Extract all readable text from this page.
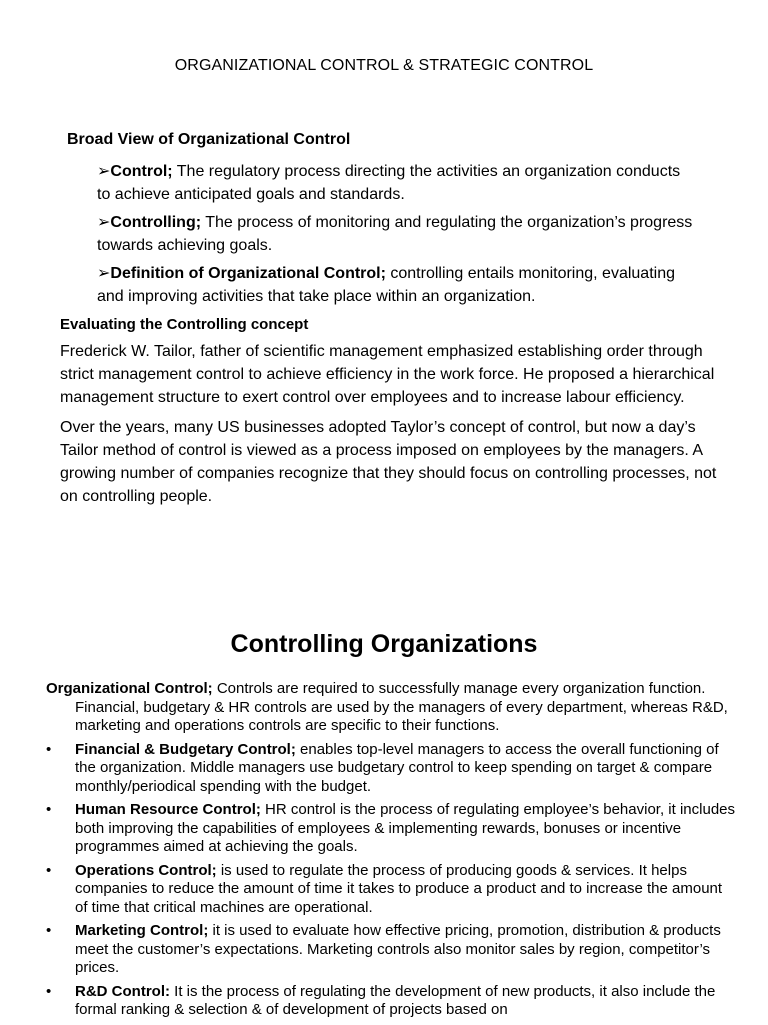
ORGANIZATIONAL CONTROL & STRATEGIC CONTROL
Broad View of Organizational Control
➢Control; The regulatory process directing the activities an organization conducts to achieve anticipated goals and standards.
➢Controlling; The process of monitoring and regulating the organization’s progress towards achieving goals.
➢Definition of Organizational Control; controlling entails monitoring, evaluating and improving activities that take place within an organization.
Evaluating the Controlling concept

Frederick W. Tailor, father of scientific management emphasized establishing order through strict management control to achieve efficiency in the work force. He proposed a hierarchical management structure to exert control over employees and to increase labour efficiency.

Over the years, many US businesses adopted Taylor’s concept of control, but now a day’s Tailor method of control is viewed as a process imposed on employees by the managers. A growing number of companies recognize that they should focus on controlling processes, not on controlling people.

Controlling Organizations
Organizational Control; Controls are required to successfully manage every organization function. Financial, budgetary & HR controls are used by the managers of every department, whereas R&D, marketing and operations controls are specific to their functions.
• Financial & Budgetary Control; enables top-level managers to access the overall functioning of the organization. Middle managers use budgetary control to keep spending on target & compare monthly/periodical spending with the budget.
• Human Resource Control; HR control is the process of regulating employee’s behavior, it includes both improving the capabilities of employees & implementing rewards, bonuses or incentive programmes aimed at achieving the goals.
• Operations Control; is used to regulate the process of producing goods & services. It helps companies to reduce the amount of time it takes to produce a product and to increase the amount of time that critical machines are operational.
• Marketing Control; it is used to evaluate how effective pricing, promotion, distribution & products meet the customer’s expectations. Marketing controls also monitor sales by region, competitor’s prices.
• R&D Control: It is the process of regulating the development of new products, it also include the formal ranking & selection & of development of projects based on
